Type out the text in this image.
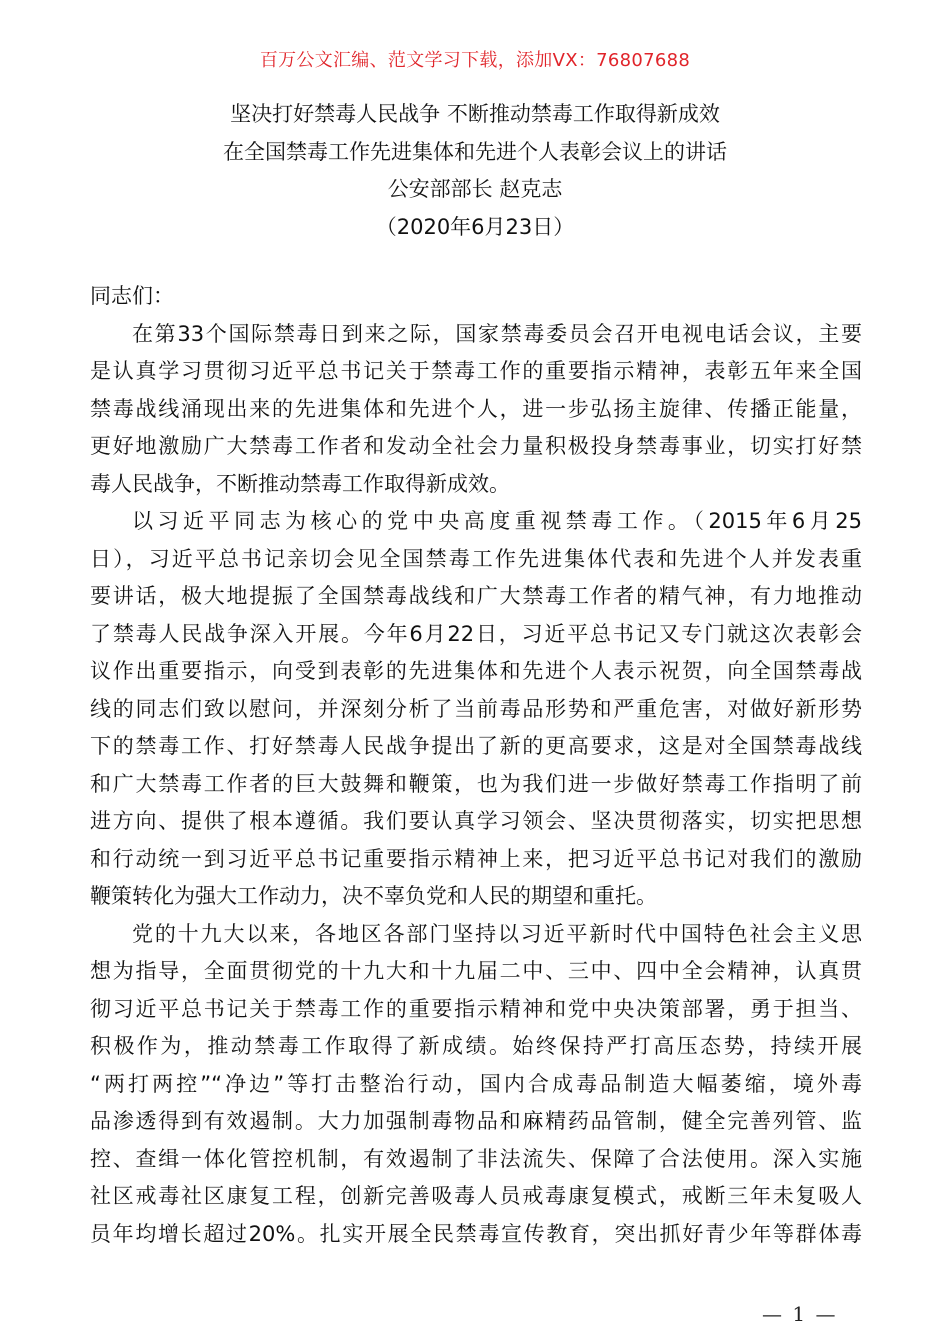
百万公文汇编、范文学习下载，添加VX：76807688
坚决打好禁毒人民战争 不断推动禁毒工作取得新成效
在全国禁毒工作先进集体和先进个人表彰会议上的讲话
公安部部长 赵克志
（2020年6月23日）
同志们：
在第33个国际禁毒日到来之际，国家禁毒委员会召开电视电话会议，主要
是认真学习贯彻习近平总书记关于禁毒工作的重要指示精神，表彰五年来全国
禁毒战线涌现出来的先进集体和先进个人，进一步弘扬主旋律、传播正能量，
更好地激励广大禁毒工作者和发动全社会力量积极投身禁毒事业，切实打好禁
毒人民战争，不断推动禁毒工作取得新成效。
以习近平同志为核心的党中央高度重视禁毒工作。（2015年6月25
日），习近平总书记亲切会见全国禁毒工作先进集体代表和先进个人并发表重
要讲话，极大地提振了全国禁毒战线和广大禁毒工作者的精气神，有力地推动
了禁毒人民战争深入开展。今年6月22日，习近平总书记又专门就这次表彰会
议作出重要指示，向受到表彰的先进集体和先进个人表示祝贺，向全国禁毒战
线的同志们致以慰问，并深刻分析了当前毒品形势和严重危害，对做好新形势
下的禁毒工作、打好禁毒人民战争提出了新的更高要求，这是对全国禁毒战线
和广大禁毒工作者的巨大鼓舞和鞭策，也为我们进一步做好禁毒工作指明了前
进方向、提供了根本遵循。我们要认真学习领会、坚决贯彻落实，切实把思想
和行动统一到习近平总书记重要指示精神上来，把习近平总书记对我们的激励
鞭策转化为强大工作动力，决不辜负党和人民的期望和重托。
党的十九大以来，各地区各部门坚持以习近平新时代中国特色社会主义思
想为指导，全面贯彻党的十九大和十九届二中、三中、四中全会精神，认真贯
彻习近平总书记关于禁毒工作的重要指示精神和党中央决策部署，勇于担当、
积极作为，推动禁毒工作取得了新成绩。始终保持严打高压态势，持续开展
“两打两控”“净边”等打击整治行动，国内合成毒品制造大幅萎缩，境外毒
品渗透得到有效遏制。大力加强制毒物品和麻精药品管制，健全完善列管、监
控、查缉一体化管控机制，有效遏制了非法流失、保障了合法使用。深入实施
社区戒毒社区康复工程，创新完善吸毒人员戒毒康复模式，戒断三年未复吸人
员年均增长超过20%。扎实开展全民禁毒宣传教育，突出抓好青少年等群体毒
— 1 —
